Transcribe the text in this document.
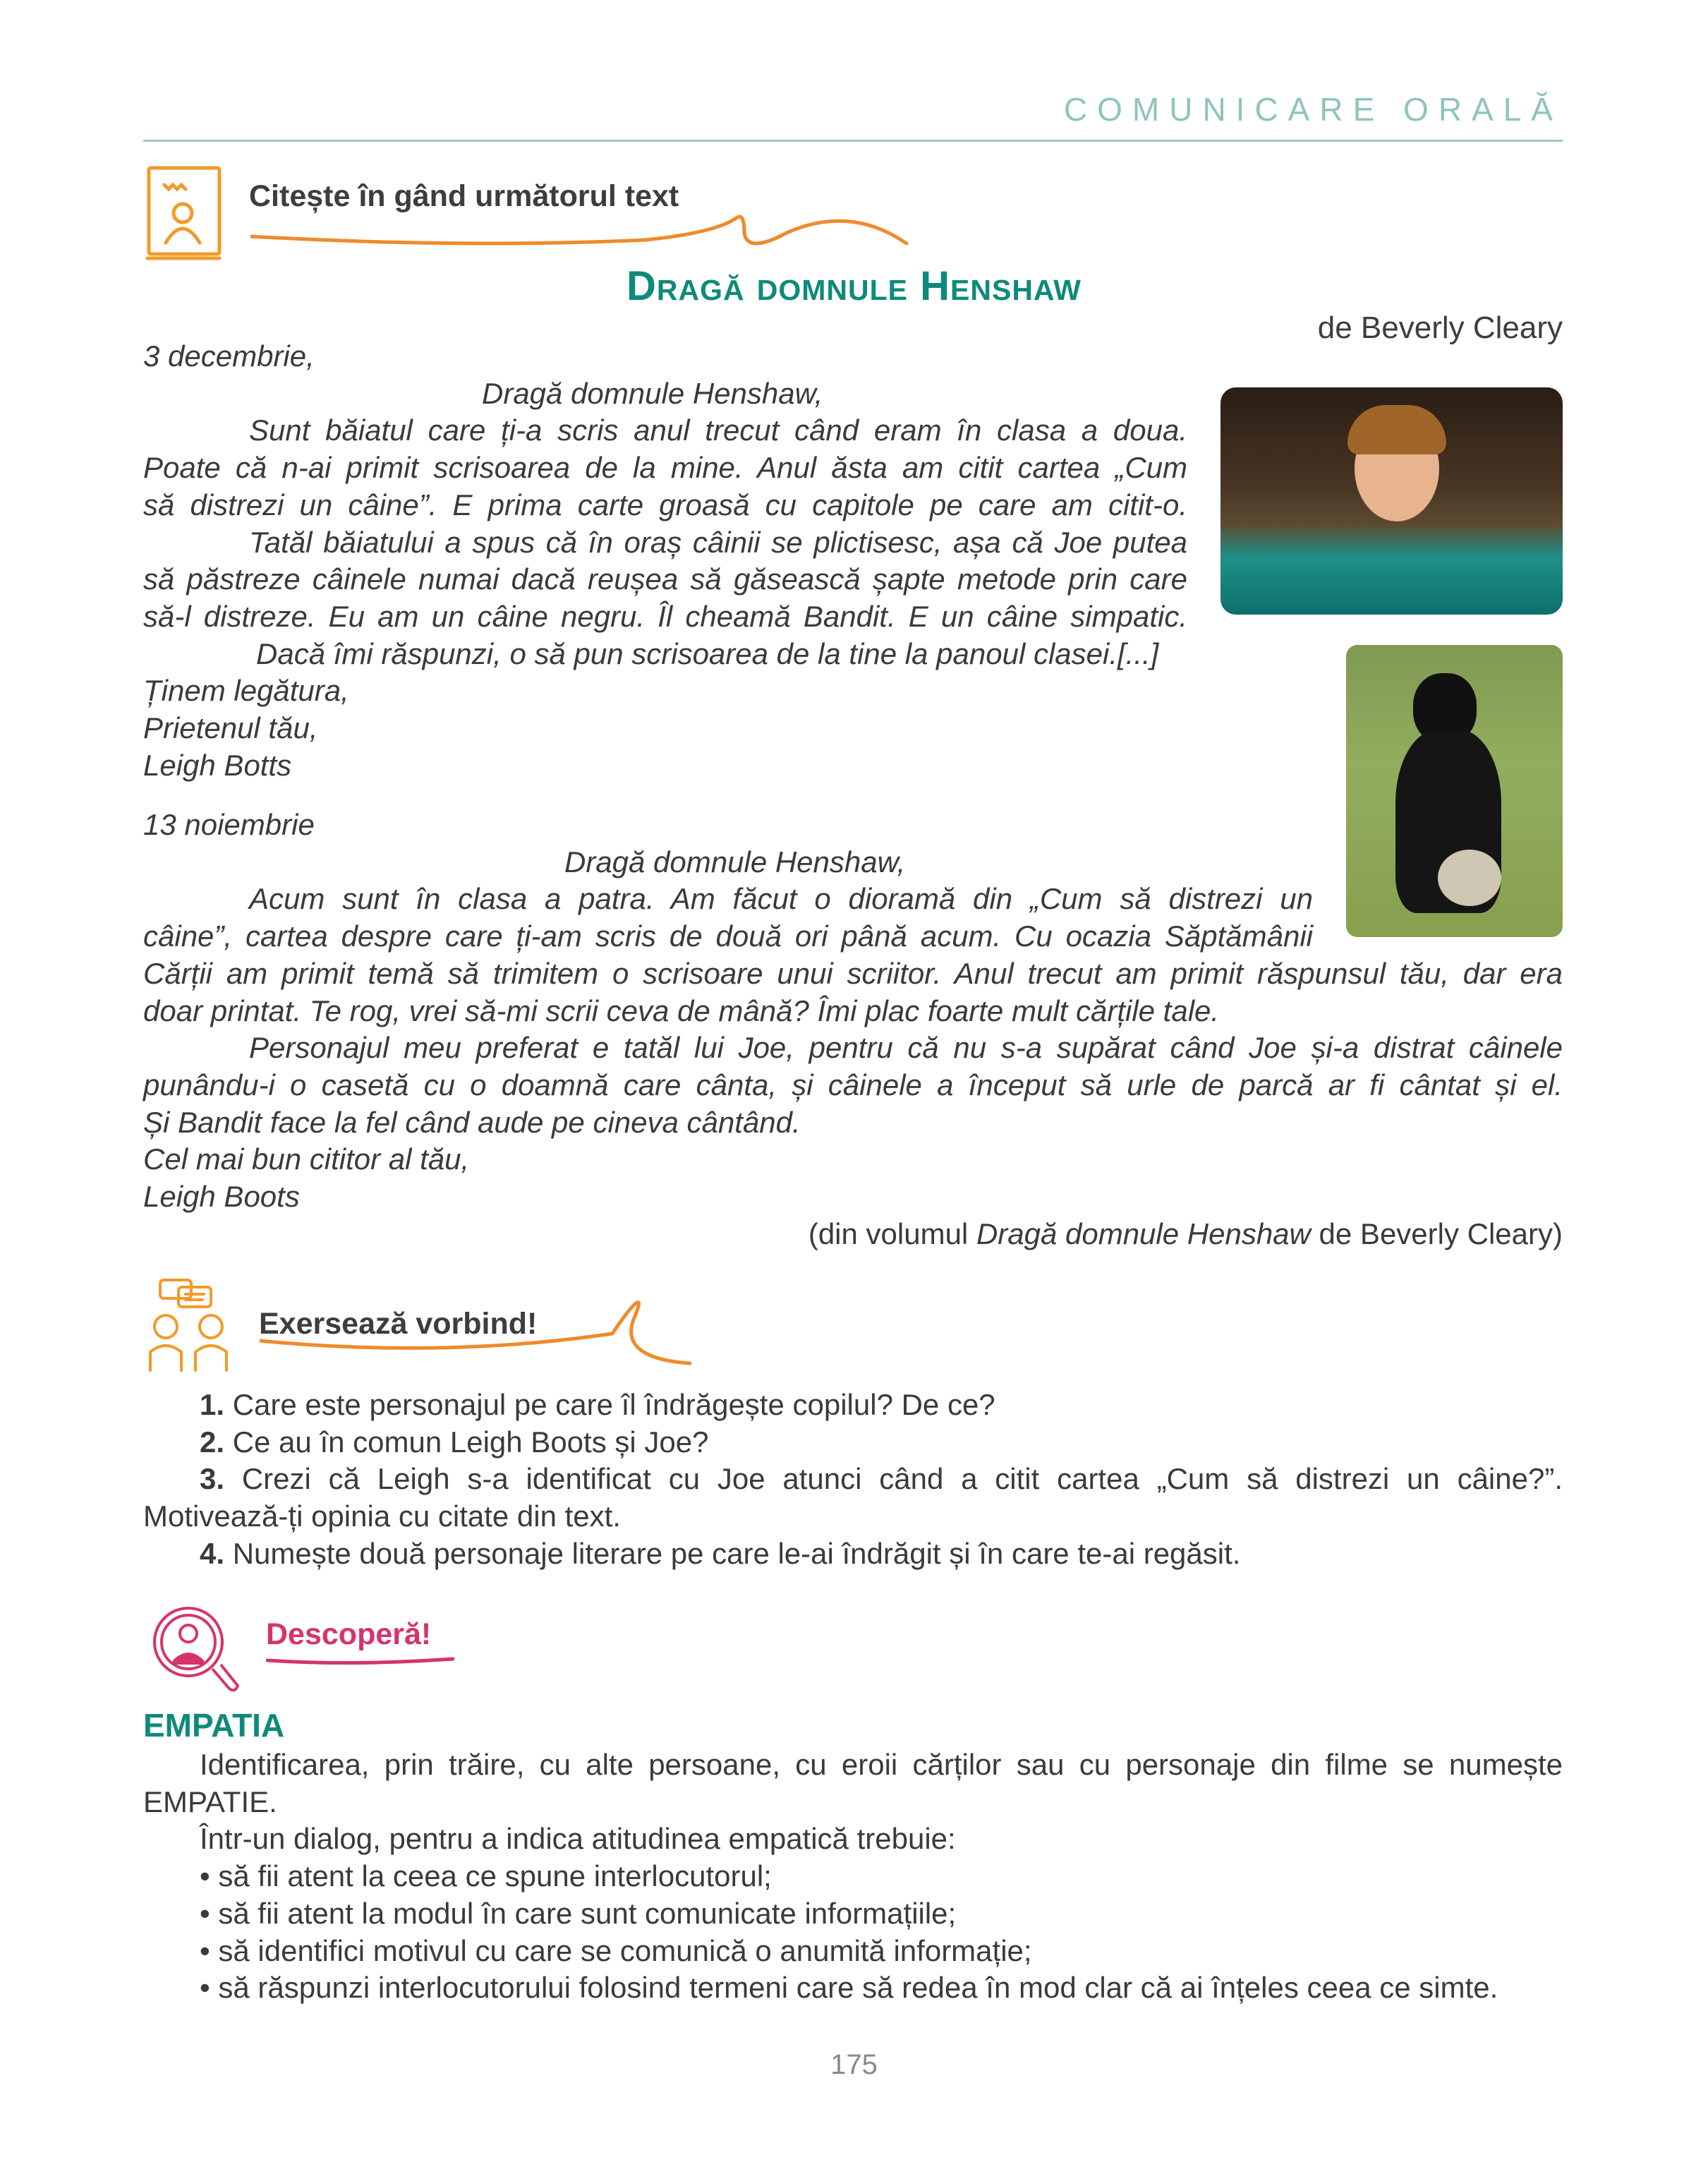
COMUNICARE ORALĂ
Citește în gând următorul text
Dragă domnule Henshaw
de Beverly Cleary
3 decembrie,
Dragă domnule Henshaw,
Sunt băiatul care ți-a scris anul trecut când eram în clasa a doua.
Poate că n-ai primit scrisoarea de la mine. Anul ăsta am citit cartea „Cum
să distrezi un câine”. E prima carte groasă cu capitole pe care am citit-o.
Tatăl băiatului a spus că în oraș câinii se plictisesc, așa că Joe putea
să păstreze câinele numai dacă reușea să găsească șapte metode prin care
să-l distreze. Eu am un câine negru. Îl cheamă Bandit. E un câine simpatic.
Dacă îmi răspunzi, o să pun scrisoarea de la tine la panoul clasei.[...]
Ținem legătura,
Prietenul tău,
Leigh Botts
13 noiembrie
Dragă domnule Henshaw,
Acum sunt în clasa a patra. Am făcut o dioramă din „Cum să distrezi un
câine”, cartea despre care ți-am scris de două ori până acum. Cu ocazia Săptămânii
Cărții am primit temă să trimitem o scrisoare unui scriitor. Anul trecut am primit răspunsul tău, dar era
doar printat. Te rog, vrei să-mi scrii ceva de mână? Îmi plac foarte mult cărțile tale.
Personajul meu preferat e tatăl lui Joe, pentru că nu s-a supărat când Joe și-a distrat câinele
punându-i o casetă cu o doamnă care cânta, și câinele a început să urle de parcă ar fi cântat și el.
Și Bandit face la fel când aude pe cineva cântând.
Cel mai bun cititor al tău,
Leigh Boots
(din volumul Dragă domnule Henshaw de Beverly Cleary)
Exersează vorbind!
1. Care este personajul pe care îl îndrăgește copilul? De ce?
2. Ce au în comun Leigh Boots și Joe?
3. Crezi că Leigh s-a identificat cu Joe atunci când a citit cartea „Cum să distrezi un câine?”.
Motivează-ți opinia cu citate din text.
4. Numește două personaje literare pe care le-ai îndrăgit și în care te-ai regăsit.
Descoperă!
EMPATIA
Identificarea, prin trăire, cu alte persoane, cu eroii cărților sau cu personaje din filme se numește
EMPATIE.
Într-un dialog, pentru a indica atitudinea empatică trebuie:
• să fii atent la ceea ce spune interlocutorul;
• să fii atent la modul în care sunt comunicate informațiile;
• să identifici motivul cu care se comunică o anumită informație;
• să răspunzi interlocutorului folosind termeni care să redea în mod clar că ai înțeles ceea ce simte.
175
